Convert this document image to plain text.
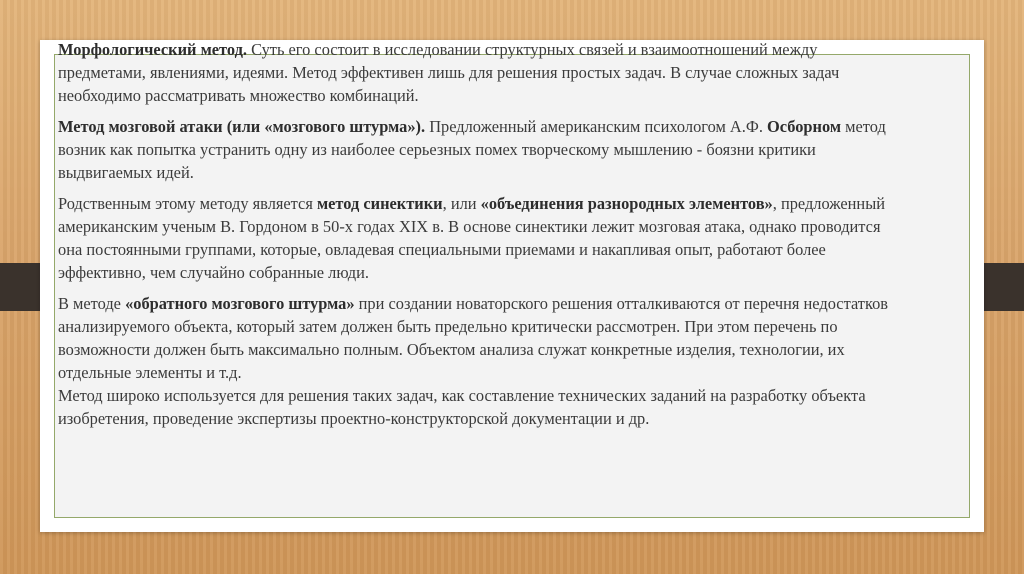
Морфологический метод. Суть его состоит в исследовании структурных связей и взаимоотношений между предметами, явлениями, идеями. Метод эффективен лишь для решения простых задач. В случае сложных задач необходимо рассматривать множество комбинаций.

Метод мозговой атаки (или «мозгового штурма»). Предложенный американским психологом А.Ф. Осборном метод возник как попытка устранить одну из наиболее серьезных помех творческому мышлению - боязни критики выдвигаемых идей.

Родственным этому методу является метод синектики, или «объединения разнородных элементов», предложенный американским ученым В. Гордоном в 50-х годах XIX в. В основе синектики лежит мозговая атака, однако проводится она постоянными группами, которые, овладевая специальными приемами и накапливая опыт, работают более эффективно, чем случайно собранные люди.

В методе «обратного мозгового штурма» при создании новаторского решения отталкиваются от перечня недостатков анализируемого объекта, который затем должен быть предельно критически рассмотрен. При этом перечень по возможности должен быть максимально полным. Объектом анализа служат конкретные изделия, технологии, их отдельные элементы и т.д.
Метод широко используется для решения таких задач, как составление технических заданий на разработку объекта изобретения, проведение экспертизы проектно-конструкторской документации и др.
